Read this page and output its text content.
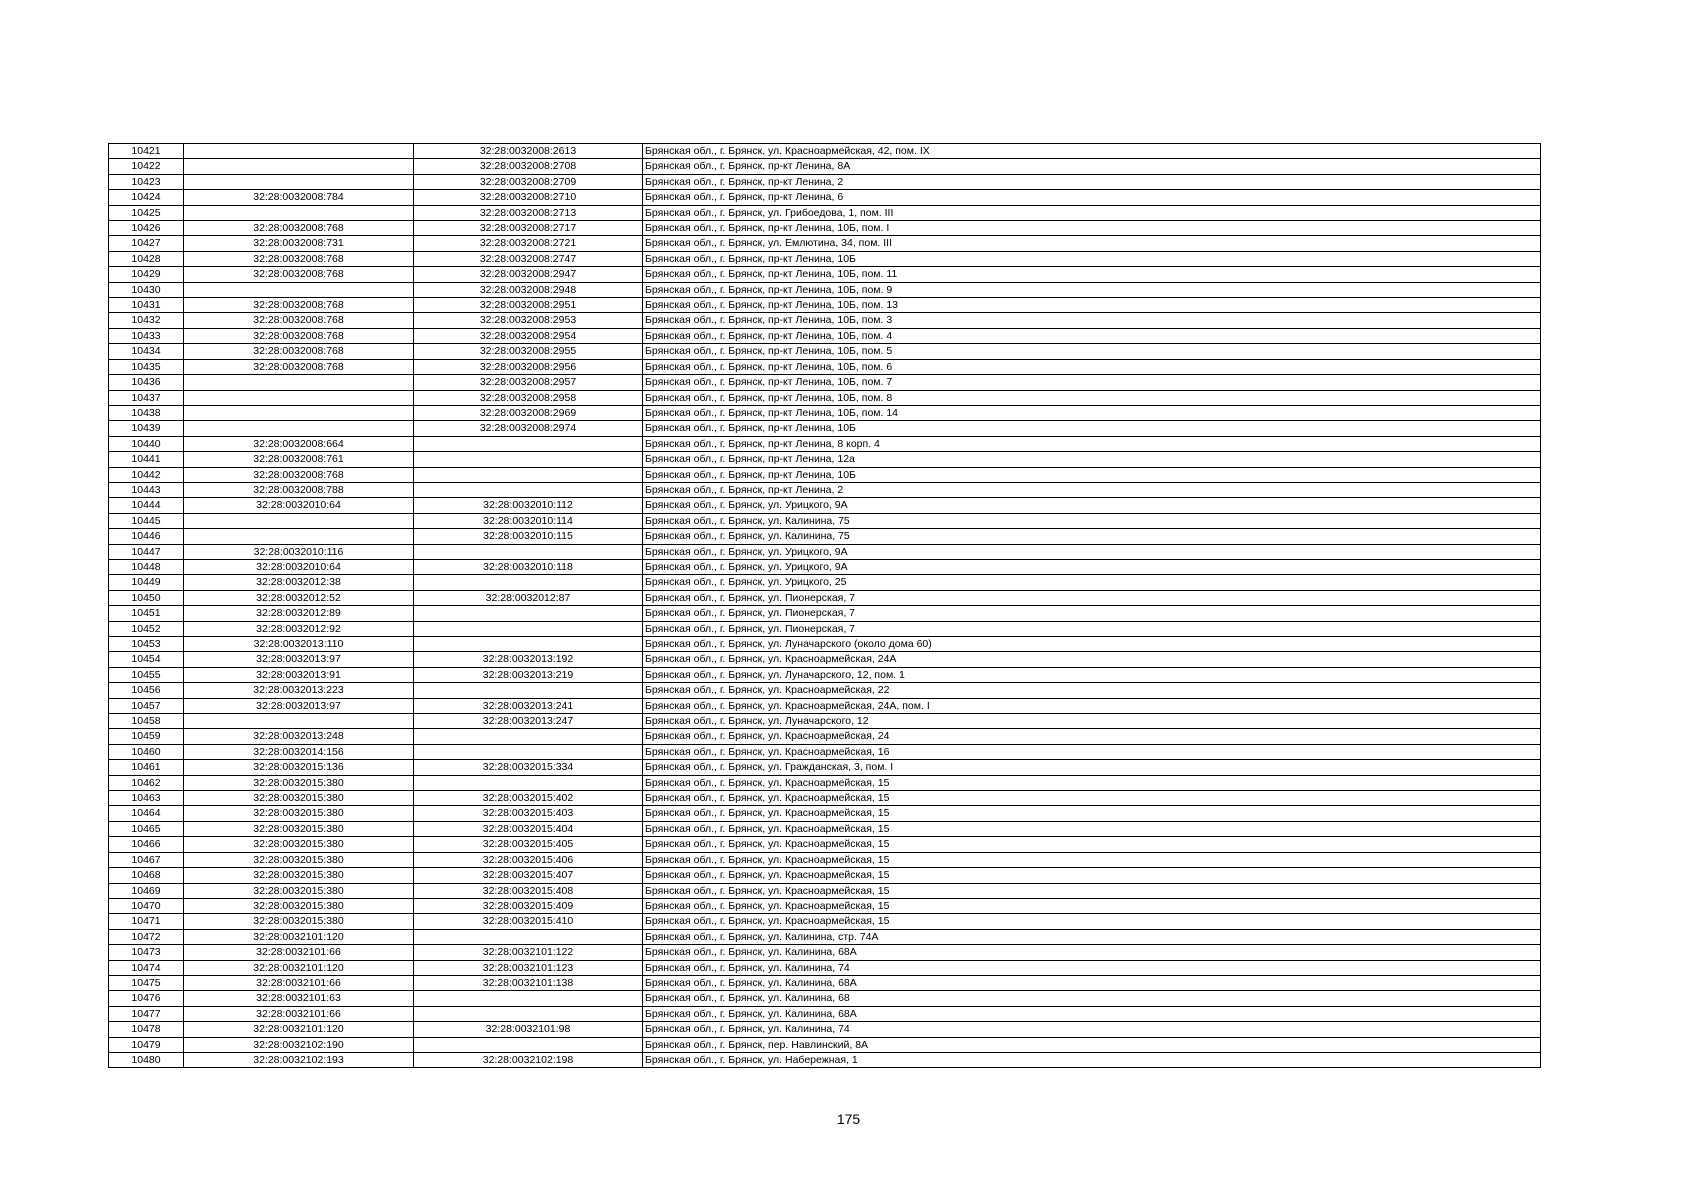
10421		32:28:0032008:2613	Брянская обл., г. Брянск, ул. Красноармейская, 42, пом. IX
10422		32:28:0032008:2708	Брянская обл., г. Брянск, пр-кт Ленина, 8А
10423		32:28:0032008:2709	Брянская обл., г. Брянск, пр-кт Ленина, 2
10424	32:28:0032008:784	32:28:0032008:2710	Брянская обл., г. Брянск, пр-кт Ленина, 6
10425		32:28:0032008:2713	Брянская обл., г. Брянск, ул. Грибоедова, 1, пом. III
10426	32:28:0032008:768	32:28:0032008:2717	Брянская обл., г. Брянск, пр-кт Ленина, 10Б, пом. I
10427	32:28:0032008:731	32:28:0032008:2721	Брянская обл., г. Брянск, ул. Емлютина, 34, пом. III
10428	32:28:0032008:768	32:28:0032008:2747	Брянская обл., г. Брянск, пр-кт Ленина, 10Б
10429	32:28:0032008:768	32:28:0032008:2947	Брянская обл., г. Брянск, пр-кт Ленина, 10Б, пом. 11
10430		32:28:0032008:2948	Брянская обл., г. Брянск, пр-кт Ленина, 10Б, пом. 9
10431	32:28:0032008:768	32:28:0032008:2951	Брянская обл., г. Брянск, пр-кт Ленина, 10Б, пом. 13
10432	32:28:0032008:768	32:28:0032008:2953	Брянская обл., г. Брянск, пр-кт Ленина, 10Б, пом. 3
10433	32:28:0032008:768	32:28:0032008:2954	Брянская обл., г. Брянск, пр-кт Ленина, 10Б, пом. 4
10434	32:28:0032008:768	32:28:0032008:2955	Брянская обл., г. Брянск, пр-кт Ленина, 10Б, пом. 5
10435	32:28:0032008:768	32:28:0032008:2956	Брянская обл., г. Брянск, пр-кт Ленина, 10Б, пом. 6
10436		32:28:0032008:2957	Брянская обл., г. Брянск, пр-кт Ленина, 10Б, пом. 7
10437		32:28:0032008:2958	Брянская обл., г. Брянск, пр-кт Ленина, 10Б, пом. 8
10438		32:28:0032008:2969	Брянская обл., г. Брянск, пр-кт Ленина, 10Б, пом. 14
10439		32:28:0032008:2974	Брянская обл., г. Брянск, пр-кт Ленина, 10Б
10440	32:28:0032008:664		Брянская обл., г. Брянск, пр-кт Ленина, 8 корп. 4
10441	32:28:0032008:761		Брянская обл., г. Брянск, пр-кт Ленина, 12а
10442	32:28:0032008:768		Брянская обл., г. Брянск, пр-кт Ленина, 10Б
10443	32:28:0032008:788		Брянская обл., г. Брянск, пр-кт Ленина, 2
10444	32:28:0032010:64	32:28:0032010:112	Брянская обл., г. Брянск, ул. Урицкого, 9А
10445		32:28:0032010:114	Брянская обл., г. Брянск, ул. Калинина, 75
10446		32:28:0032010:115	Брянская обл., г. Брянск, ул. Калинина, 75
10447	32:28:0032010:116		Брянская обл., г. Брянск, ул. Урицкого, 9А
10448	32:28:0032010:64	32:28:0032010:118	Брянская обл., г. Брянск, ул. Урицкого, 9А
10449	32:28:0032012:38		Брянская обл., г. Брянск, ул. Урицкого, 25
10450	32:28:0032012:52	32:28:0032012:87	Брянская обл., г. Брянск, ул. Пионерская, 7
10451	32:28:0032012:89		Брянская обл., г. Брянск, ул. Пионерская, 7
10452	32:28:0032012:92		Брянская обл., г. Брянск, ул. Пионерская, 7
10453	32:28:0032013:110		Брянская обл., г. Брянск, ул. Луначарского (около дома 60)
10454	32:28:0032013:97	32:28:0032013:192	Брянская обл., г. Брянск, ул. Красноармейская, 24А
10455	32:28:0032013:91	32:28:0032013:219	Брянская обл., г. Брянск, ул. Луначарского, 12, пом. 1
10456	32:28:0032013:223		Брянская обл., г. Брянск, ул. Красноармейская, 22
10457	32:28:0032013:97	32:28:0032013:241	Брянская обл., г. Брянск, ул. Красноармейская, 24А, пом. I
10458		32:28:0032013:247	Брянская обл., г. Брянск, ул. Луначарского, 12
10459	32:28:0032013:248		Брянская обл., г. Брянск, ул. Красноармейская, 24
10460	32:28:0032014:156		Брянская обл., г. Брянск, ул. Красноармейская, 16
10461	32:28:0032015:136	32:28:0032015:334	Брянская обл., г. Брянск, ул. Гражданская, 3, пом. I
10462	32:28:0032015:380		Брянская обл., г. Брянск, ул. Красноармейская, 15
10463	32:28:0032015:380	32:28:0032015:402	Брянская обл., г. Брянск, ул. Красноармейская, 15
10464	32:28:0032015:380	32:28:0032015:403	Брянская обл., г. Брянск, ул. Красноармейская, 15
10465	32:28:0032015:380	32:28:0032015:404	Брянская обл., г. Брянск, ул. Красноармейская, 15
10466	32:28:0032015:380	32:28:0032015:405	Брянская обл., г. Брянск, ул. Красноармейская, 15
10467	32:28:0032015:380	32:28:0032015:406	Брянская обл., г. Брянск, ул. Красноармейская, 15
10468	32:28:0032015:380	32:28:0032015:407	Брянская обл., г. Брянск, ул. Красноармейская, 15
10469	32:28:0032015:380	32:28:0032015:408	Брянская обл., г. Брянск, ул. Красноармейская, 15
10470	32:28:0032015:380	32:28:0032015:409	Брянская обл., г. Брянск, ул. Красноармейская, 15
10471	32:28:0032015:380	32:28:0032015:410	Брянская обл., г. Брянск, ул. Красноармейская, 15
10472	32:28:0032101:120		Брянская обл., г. Брянск, ул. Калинина, стр. 74А
10473	32:28:0032101:66	32:28:0032101:122	Брянская обл., г. Брянск, ул. Калинина, 68А
10474	32:28:0032101:120	32:28:0032101:123	Брянская обл., г. Брянск, ул. Калинина, 74
10475	32:28:0032101:66	32:28:0032101:138	Брянская обл., г. Брянск, ул. Калинина, 68А
10476	32:28:0032101:63		Брянская обл., г. Брянск, ул. Калинина, 68
10477	32:28:0032101:66		Брянская обл., г. Брянск, ул. Калинина, 68А
10478	32:28:0032101:120	32:28:0032101:98	Брянская обл., г. Брянск, ул. Калинина, 74
10479	32:28:0032102:190		Брянская обл., г. Брянск, пер. Навлинский, 8А
10480	32:28:0032102:193	32:28:0032102:198	Брянская обл., г. Брянск, ул. Набережная, 1
175
